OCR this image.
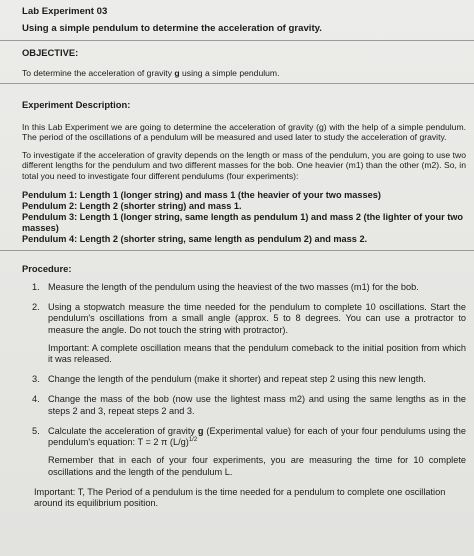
Lab Experiment 03

Using a simple pendulum to determine the acceleration of gravity.

OBJECTIVE:

To determine the acceleration of gravity g using a simple pendulum.

Experiment Description:

In this Lab Experiment we are going to determine the acceleration of gravity (g) with the help of a simple pendulum. The period of the oscillations of a pendulum will be measured and used later to study the acceleration of gravity.

To investigate if the acceleration of gravity depends on the length or mass of the pendulum, you are going to use two different lengths for the pendulum and two different masses for the bob. One heavier (m1) than the other (m2). So, in total you need to investigate four different pendulums (four experiments):

Pendulum 1: Length 1 (longer string) and mass 1 (the heavier of your two masses)

Pendulum 2: Length 2 (shorter string) and mass 1.

Pendulum 3: Length 1 (longer string, same length as pendulum 1) and mass 2 (the lighter of your two masses)

Pendulum 4: Length 2 (shorter string, same length as pendulum 2) and mass 2.

Procedure:

1. Measure the length of the pendulum using the heaviest of the two masses (m1) for the bob.
2. Using a stopwatch measure the time needed for the pendulum to complete 10 oscillations. Start the pendulum's oscillations from a small angle (approx. 5 to 8 degrees. You can use a protractor to measure the angle. Do not touch the string with protractor).

Important: A complete oscillation means that the pendulum comeback to the initial position from which it was released.

3. Change the length of the pendulum (make it shorter) and repeat step 2 using this new length.
4. Change the mass of the bob (now use the lightest mass m2) and using the same lengths as in the steps 2 and 3, repeat steps 2 and 3.
5. Calculate the acceleration of gravity g (Experimental value) for each of your four pendulums using the pendulum's equation: T = 2 π $(L/g)^{1/2}$

Remember that in each of your four experiments, you are measuring the time for 10 complete oscillations and the length of the pendulum L.

Important: T, The Period of a pendulum is the time needed for a pendulum to complete one oscillation around its equilibrium position.
